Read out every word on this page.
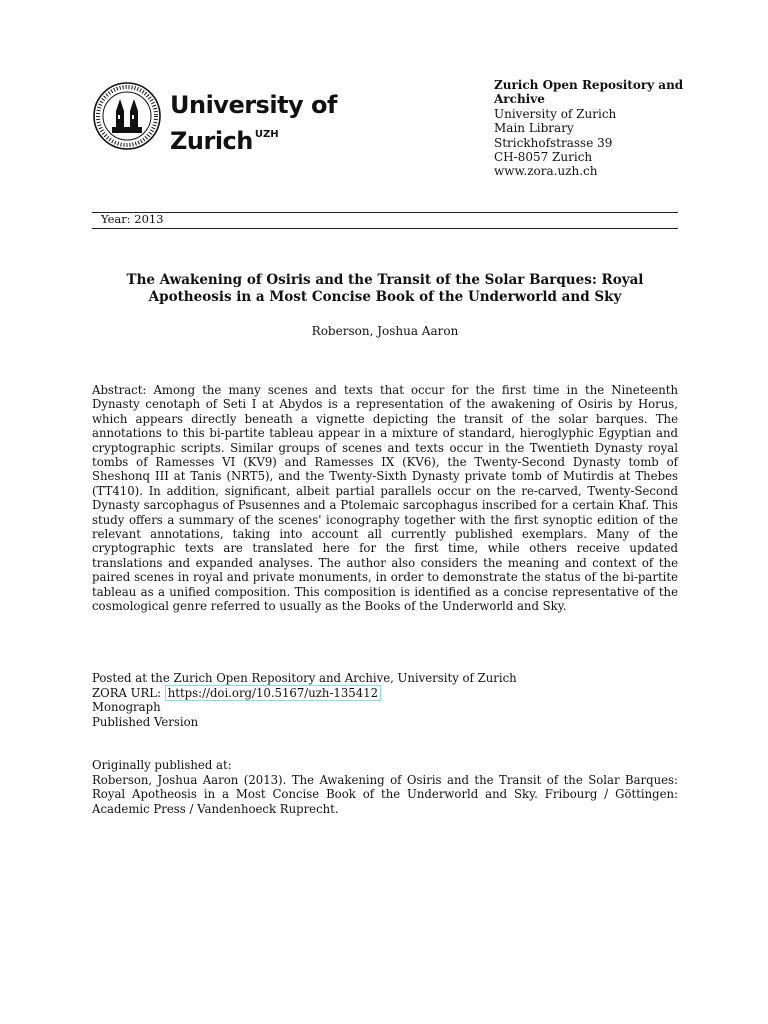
University of
Zurich $^{UZH}$
Zurich Open Repository and Archive
University of Zurich
Main Library
Strickhofstrasse 39
CH-8057 Zurich
www.zora.uzh.ch
Year: 2013
The Awakening of Osiris and the Transit of the Solar Barques: Royal
Apotheosis in a Most Concise Book of the Underworld and Sky
Roberson, Joshua Aaron
Abstract: Among the many scenes and texts that occur for the first time in the Nineteenth Dynasty cenotaph of Seti I at Abydos is a representation of the awakening of Osiris by Horus, which appears directly beneath a vignette depicting the transit of the solar barques. The annotations to this bi-partite tableau appear in a mixture of standard, hieroglyphic Egyptian and cryptographic scripts. Similar groups of scenes and texts occur in the Twentieth Dynasty royal tombs of Ramesses VI (KV9) and Ramesses IX (KV6), the Twenty-Second Dynasty tomb of Sheshonq III at Tanis (NRT5), and the Twenty-Sixth Dynasty private tomb of Mutirdis at Thebes (TT410). In addition, significant, albeit partial parallels occur on the re-carved, Twenty-Second Dynasty sarcophagus of Psusennes and a Ptolemaic sarcophagus inscribed for a certain Khaf. This study offers a summary of the scenes' iconography together with the first synoptic edition of the relevant annotations, taking into account all currently published exemplars. Many of the cryptographic texts are translated here for the first time, while others receive updated translations and expanded analyses. The author also considers the meaning and context of the paired scenes in royal and private monuments, in order to demonstrate the status of the bi-partite tableau as a unified composition. This composition is identified as a concise representative of the cosmological genre referred to usually as the Books of the Underworld and Sky.
Posted at the Zurich Open Repository and Archive, University of Zurich
ZORA URL: https://doi.org/10.5167/uzh-135412
Monograph
Published Version
Originally published at:
Roberson, Joshua Aaron (2013). The Awakening of Osiris and the Transit of the Solar Barques: Royal Apotheosis in a Most Concise Book of the Underworld and Sky. Fribourg / Göttingen: Academic Press / Vandenhoeck Ruprecht.
